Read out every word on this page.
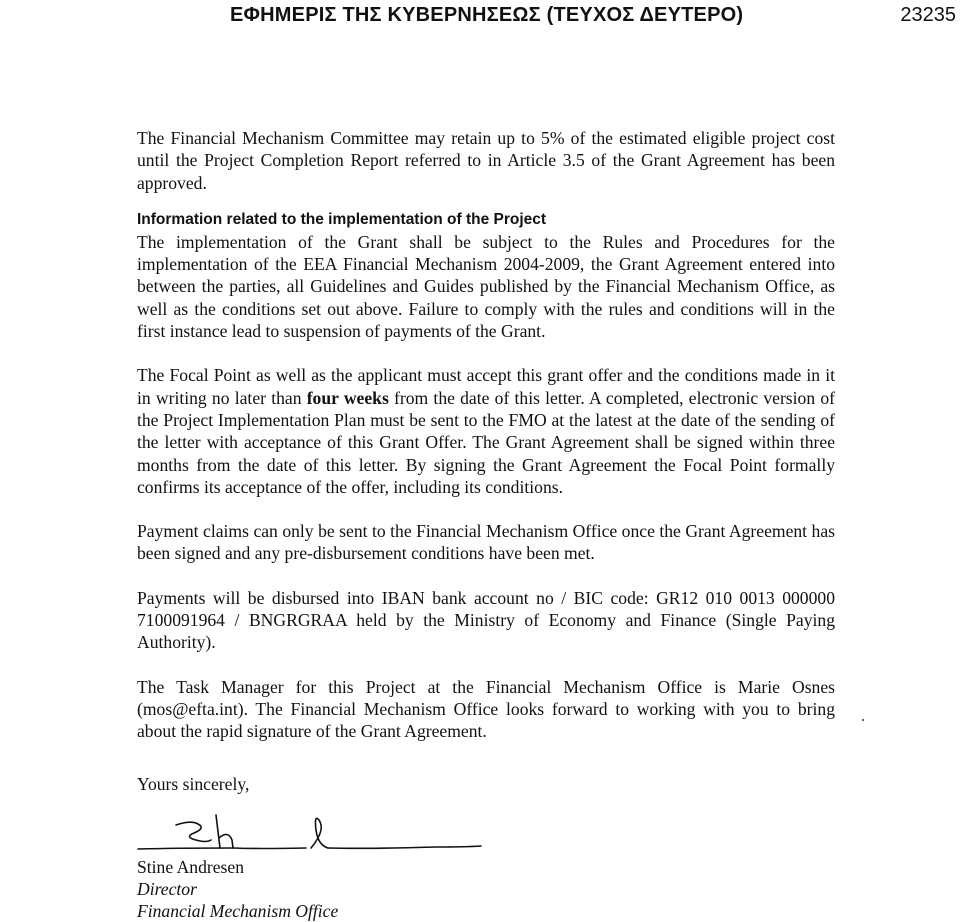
ΕΦΗΜΕΡΙΣ ΤΗΣ ΚΥΒΕΡΝΗΣΕΩΣ (ΤΕΥΧΟΣ ΔΕΥΤΕΡΟ)	23235

The Financial Mechanism Committee may retain up to 5% of the estimated eligible project cost until the Project Completion Report referred to in Article 3.5 of the Grant Agreement has been approved.

Information related to the implementation of the Project

The implementation of the Grant shall be subject to the Rules and Procedures for the implementation of the EEA Financial Mechanism 2004-2009, the Grant Agreement entered into between the parties, all Guidelines and Guides published by the Financial Mechanism Office, as well as the conditions set out above. Failure to comply with the rules and conditions will in the first instance lead to suspension of payments of the Grant.

The Focal Point as well as the applicant must accept this grant offer and the conditions made in it in writing no later than four weeks from the date of this letter. A completed, electronic version of the Project Implementation Plan must be sent to the FMO at the latest at the date of the sending of the letter with acceptance of this Grant Offer. The Grant Agreement shall be signed within three months from the date of this letter. By signing the Grant Agreement the Focal Point formally confirms its acceptance of the offer, including its conditions.

Payment claims can only be sent to the Financial Mechanism Office once the Grant Agreement has been signed and any pre-disbursement conditions have been met.

Payments will be disbursed into IBAN bank account no / BIC code: GR12 010 0013 000000 7100091964 / BNGRGRAA held by the Ministry of Economy and Finance (Single Paying Authority).

The Task Manager for this Project at the Financial Mechanism Office is Marie Osnes (mos@efta.int). The Financial Mechanism Office looks forward to working with you to bring about the rapid signature of the Grant Agreement.

Yours sincerely,
Stine Andresen
Director
Financial Mechanism Office
